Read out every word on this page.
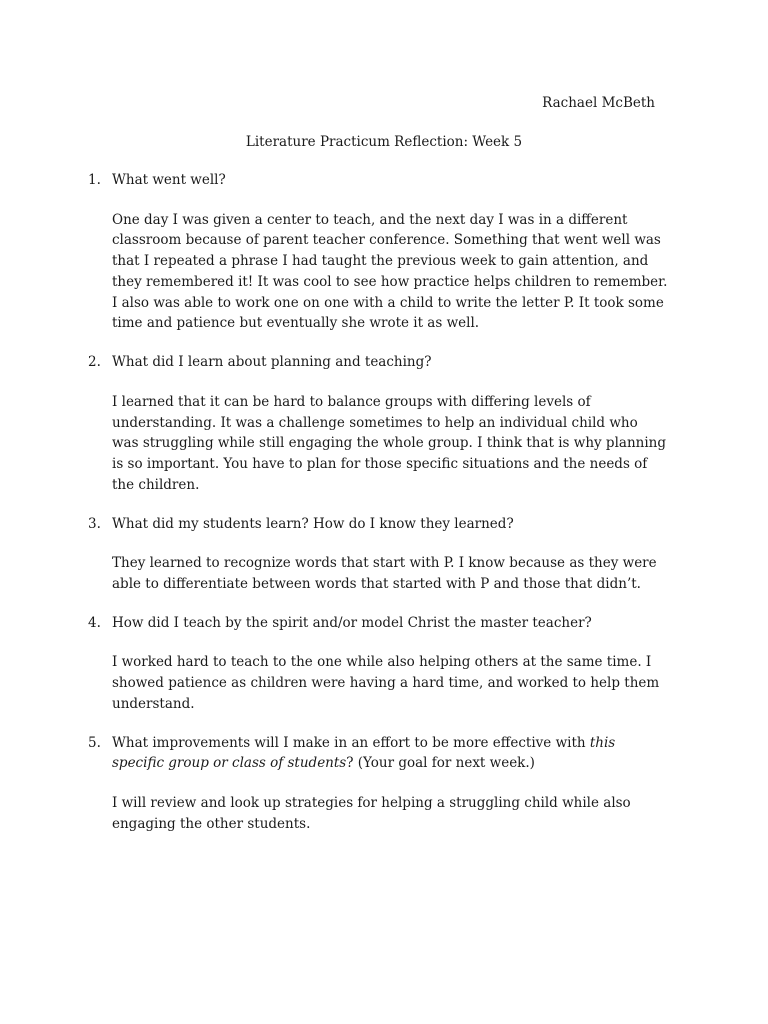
Rachael McBeth
Literature Practicum Reflection: Week 5
1. What went well?
One day I was given a center to teach, and the next day I was in a different classroom because of parent teacher conference. Something that went well was that I repeated a phrase I had taught the previous week to gain attention, and they remembered it! It was cool to see how practice helps children to remember. I also was able to work one on one with a child to write the letter P. It took some time and patience but eventually she wrote it as well.
2. What did I learn about planning and teaching?
I learned that it can be hard to balance groups with differing levels of understanding. It was a challenge sometimes to help an individual child who was struggling while still engaging the whole group. I think that is why planning is so important. You have to plan for those specific situations and the needs of the children.
3. What did my students learn? How do I know they learned?
They learned to recognize words that start with P. I know because as they were able to differentiate between words that started with P and those that didn’t.
4. How did I teach by the spirit and/or model Christ the master teacher?
I worked hard to teach to the one while also helping others at the same time. I showed patience as children were having a hard time, and worked to help them understand.
5. What improvements will I make in an effort to be more effective with this specific group or class of students? (Your goal for next week.)
I will review and look up strategies for helping a struggling child while also engaging the other students.
